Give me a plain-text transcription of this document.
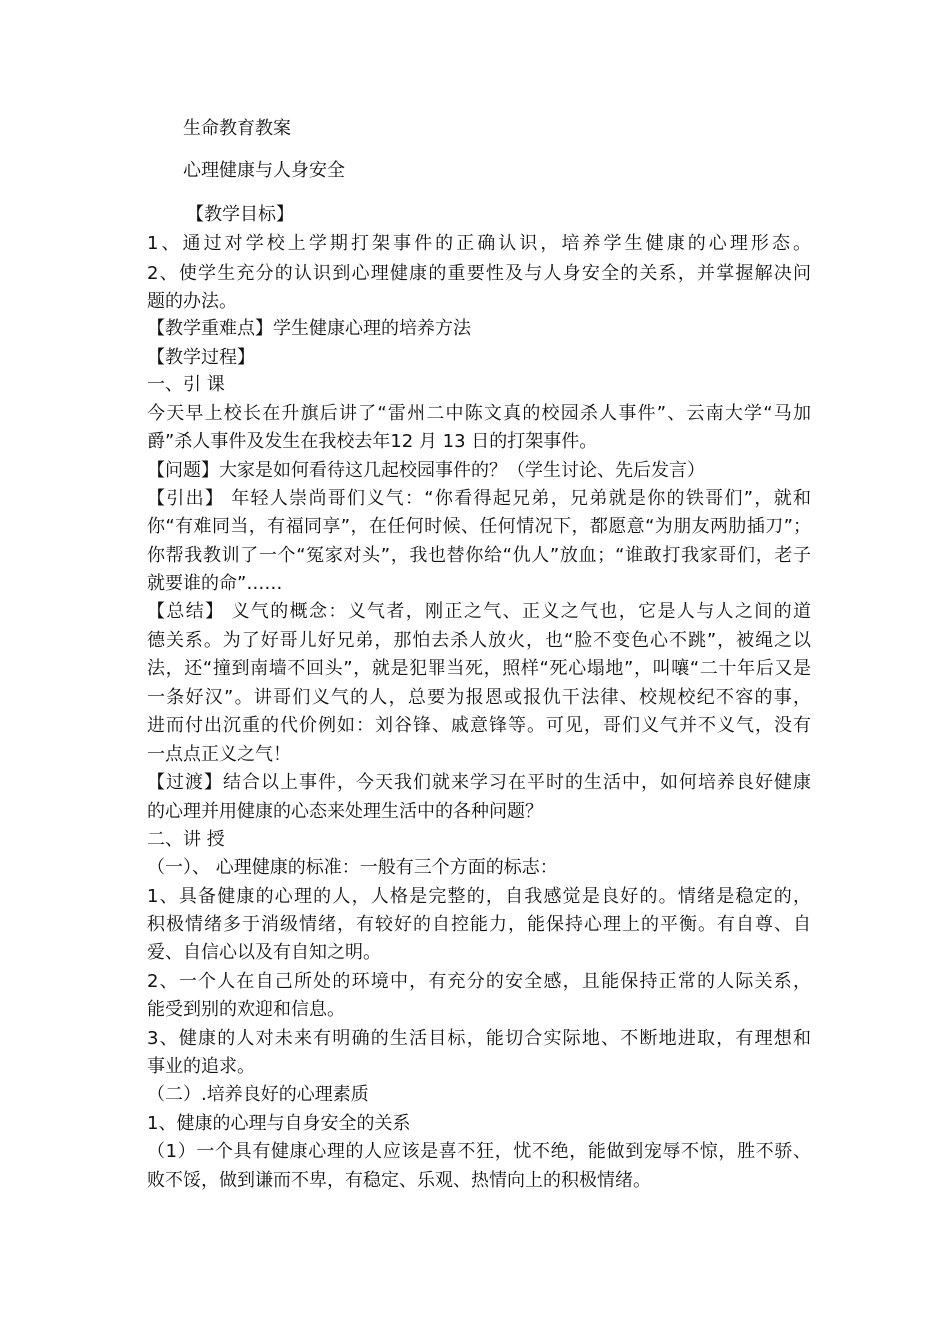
生命教育教案
心理健康与人身安全
【教学目标】
1、通过对学校上学期打架事件的正确认识，培养学生健康的心理形态。
2、使学生充分的认识到心理健康的重要性及与人身安全的关系，并掌握解决问
题的办法。
【教学重难点】学生健康心理的培养方法
【教学过程】
一、引 课
今天早上校长在升旗后讲了“雷州二中陈文真的校园杀人事件”、云南大学“马加
爵”杀人事件及发生在我校去年12 月 13 日的打架事件。
【问题】大家是如何看待这几起校园事件的？（学生讨论、先后发言）
【引出】 年轻人崇尚哥们义气：“你看得起兄弟，兄弟就是你的铁哥们”，就和
你“有难同当，有福同享”，在任何时候、任何情况下，都愿意“为朋友两肋插刀”；
你帮我教训了一个“冤家对头”，我也替你给“仇人”放血；“谁敢打我家哥们，老子
就要谁的命”……
【总结】 义气的概念：义气者，刚正之气、正义之气也，它是人与人之间的道
德关系。为了好哥儿好兄弟，那怕去杀人放火，也“脸不变色心不跳”，被绳之以
法，还“撞到南墙不回头”，就是犯罪当死，照样“死心塌地”，叫嚷“二十年后又是
一条好汉”。讲哥们义气的人，总要为报恩或报仇干法律、校规校纪不容的事，
进而付出沉重的代价例如：刘谷锋、戚意锋等。可见，哥们义气并不义气，没有
一点点正义之气！
【过渡】结合以上事件，今天我们就来学习在平时的生活中，如何培养良好健康
的心理并用健康的心态来处理生活中的各种问题？
二、讲 授
（一）、 心理健康的标准：一般有三个方面的标志：
1、具备健康的心理的人，人格是完整的，自我感觉是良好的。情绪是稳定的，
积极情绪多于消级情绪，有较好的自控能力，能保持心理上的平衡。有自尊、自
爱、自信心以及有自知之明。
2、一个人在自己所处的环境中，有充分的安全感，且能保持正常的人际关系，
能受到别的欢迎和信息。
3、健康的人对未来有明确的生活目标，能切合实际地、不断地进取，有理想和
事业的追求。
（二）.培养良好的心理素质
1、健康的心理与自身安全的关系
（1）一个具有健康心理的人应该是喜不狂，忧不绝，能做到宠辱不惊，胜不骄、
败不馁，做到谦而不卑，有稳定、乐观、热情向上的积极情绪。
